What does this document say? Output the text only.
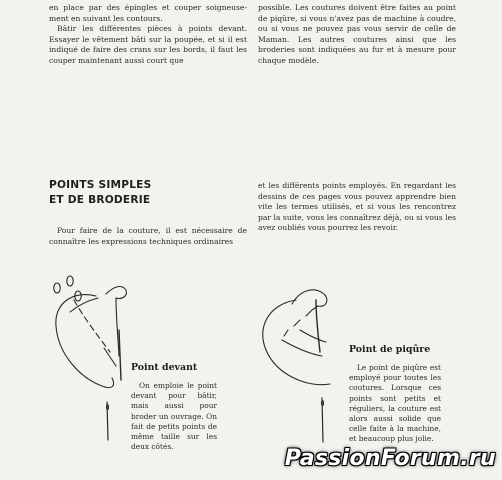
en place par des épingles et couper soigneuse-ment en suivant les contours.

Bâtir les différentes pièces à points devant. Essayer le vêtement bâti sur la poupée, et si il est indiqué de faire des crans sur les bords, il faut les couper maintenant aussi court que

possible. Les coutures doivent être faites au point de piqûre, si vous n'avez pas de machine à coudre, ou si vous ne pouvez pas vous servir de celle de Maman. Les autres coutures ainsi que les broderies sont indiquées au fur et à mesure pour chaque modèle.

POINTS SIMPLES
ET DE BRODERIE

Pour faire de la couture, il est nécessaire de connaître les expressions techniques ordinaires

et les différents points employés. En regardant les dessins de ces pages vous pouvez apprendre bien vite les termes utilisés, et si vous les rencontrez par la suite, vous les connaîtrez déjà, ou si vous les avez oubliés vous pourrez les revoir.

Point devant

On emploie le point devant pour bâtir, mais aussi pour broder un ouvrage. On fait de petits points de même taille sur les deux côtés.

Point de piqûre

Le point de piqûre est employé pour toutes les coutures. Lorsque ces points sont petits et réguliers, la couture est alors aussi solide que celle faite à la machine, et beaucoup plus jolie.

PassionForum.ru
